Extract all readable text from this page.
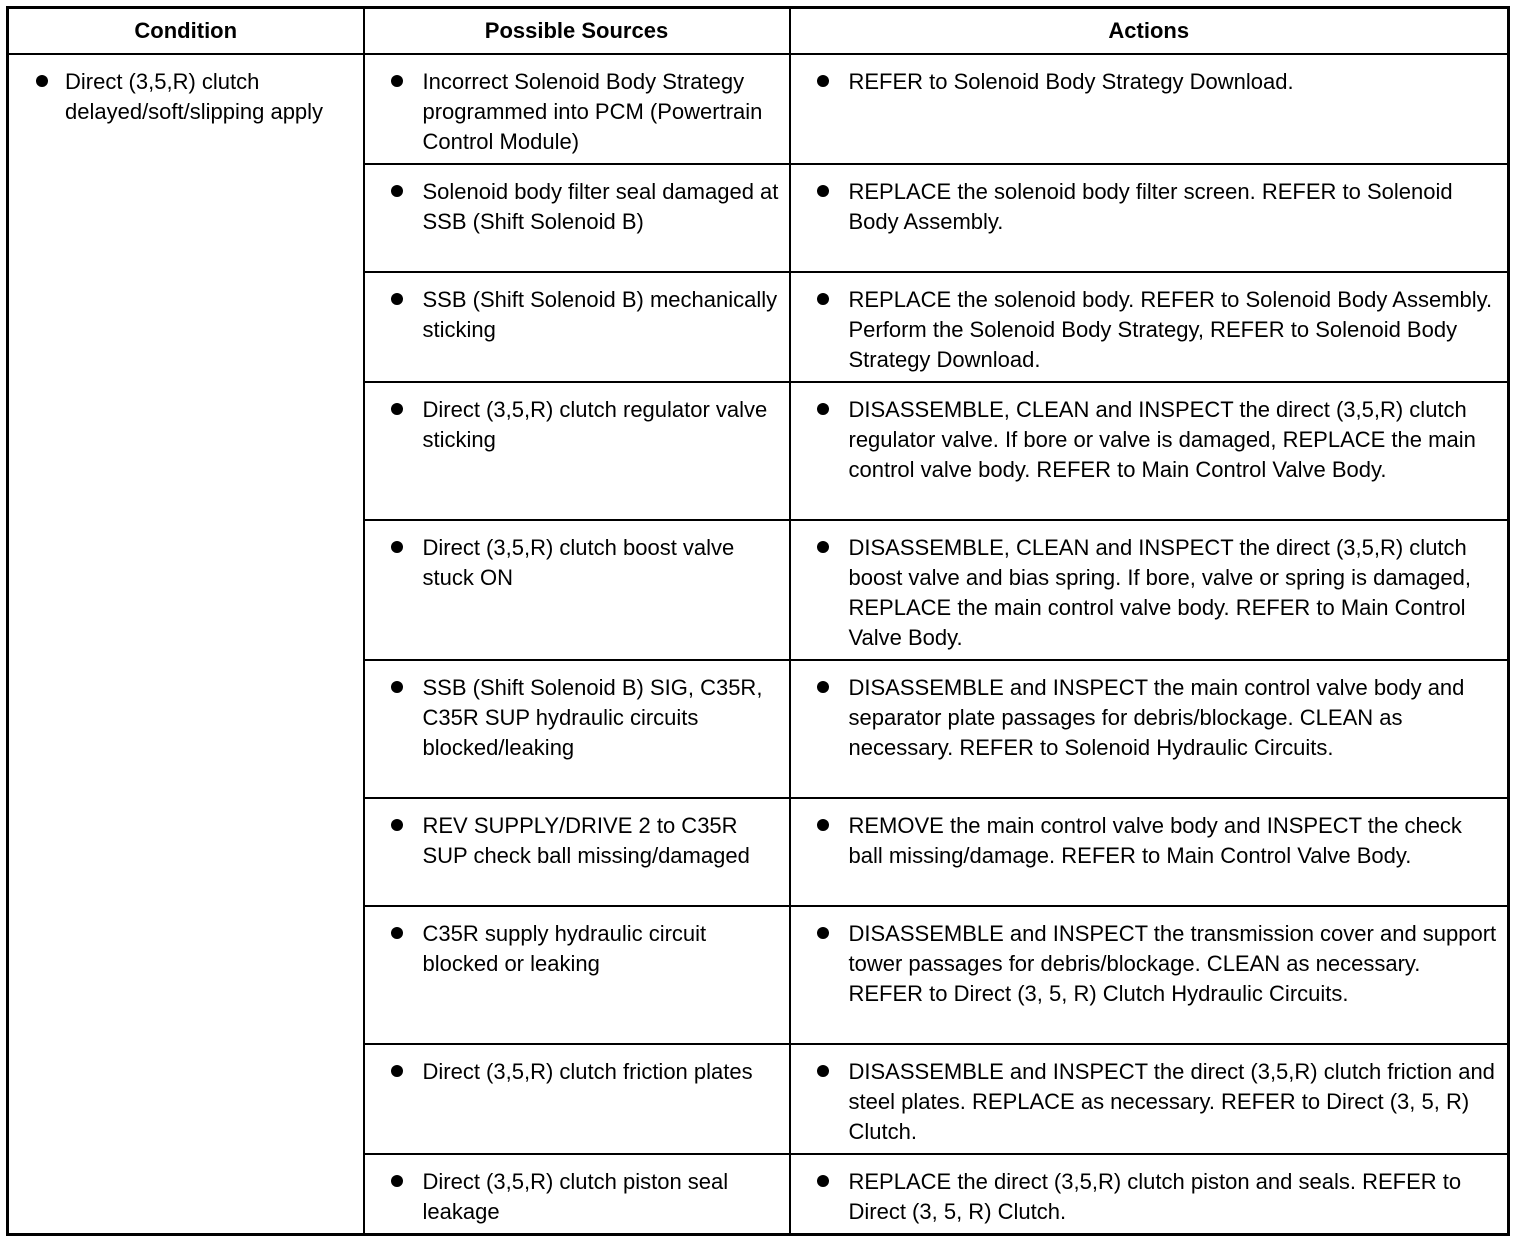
Condition	Possible Sources	Actions

Direct (3,5,R) clutch delayed/soft/slipping apply	Incorrect Solenoid Body Strategy programmed into PCM (Powertrain Control Module)	REFER to Solenoid Body Strategy Download.

Solenoid body filter seal damaged at SSB (Shift Solenoid B)	REPLACE the solenoid body filter screen. REFER to Solenoid Body Assembly.

SSB (Shift Solenoid B) mechanically sticking	REPLACE the solenoid body. REFER to Solenoid Body Assembly. Perform the Solenoid Body Strategy, REFER to Solenoid Body Strategy Download.

Direct (3,5,R) clutch regulator valve sticking	DISASSEMBLE, CLEAN and INSPECT the direct (3,5,R) clutch regulator valve. If bore or valve is damaged, REPLACE the main control valve body. REFER to Main Control Valve Body.

Direct (3,5,R) clutch boost valve stuck ON	DISASSEMBLE, CLEAN and INSPECT the direct (3,5,R) clutch boost valve and bias spring. If bore, valve or spring is damaged, REPLACE the main control valve body. REFER to Main Control Valve Body.

SSB (Shift Solenoid B) SIG, C35R, C35R SUP hydraulic circuits blocked/leaking	DISASSEMBLE and INSPECT the main control valve body and separator plate passages for debris/blockage. CLEAN as necessary. REFER to Solenoid Hydraulic Circuits.

REV SUPPLY/DRIVE 2 to C35R SUP check ball missing/damaged	REMOVE the main control valve body and INSPECT the check ball missing/damage. REFER to Main Control Valve Body.

C35R supply hydraulic circuit blocked or leaking	DISASSEMBLE and INSPECT the transmission cover and support tower passages for debris/blockage. CLEAN as necessary. REFER to Direct (3, 5, R) Clutch Hydraulic Circuits.

Direct (3,5,R) clutch friction plates	DISASSEMBLE and INSPECT the direct (3,5,R) clutch friction and steel plates. REPLACE as necessary. REFER to Direct (3, 5, R) Clutch.

Direct (3,5,R) clutch piston seal leakage	REPLACE the direct (3,5,R) clutch piston and seals. REFER to Direct (3, 5, R) Clutch.
